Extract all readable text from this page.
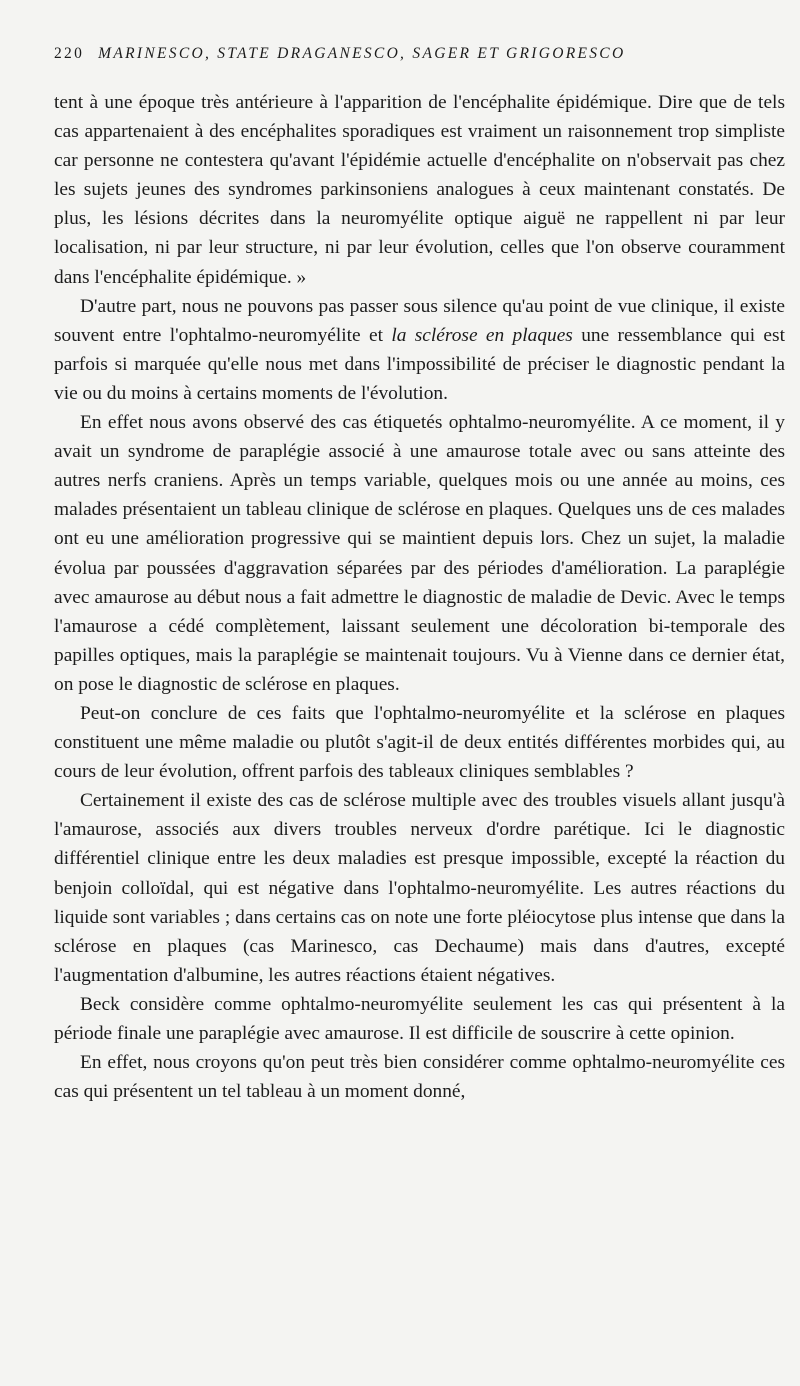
220 MARINESCO, STATE DRAGANESCO, SAGER ET GRIGORESCO

tent à une époque très antérieure à l'apparition de l'encéphalite épidémique. Dire que de tels cas appartenaient à des encéphalites sporadiques est vraiment un raisonnement trop simpliste car personne ne contestera qu'avant l'épidémie actuelle d'encéphalite on n'observait pas chez les sujets jeunes des syndromes parkinsoniens analogues à ceux maintenant constatés. De plus, les lésions décrites dans la neuromyélite optique aiguë ne rappellent ni par leur localisation, ni par leur structure, ni par leur évolution, celles que l'on observe couramment dans l'encéphalite épidémique. »

D'autre part, nous ne pouvons pas passer sous silence qu'au point de vue clinique, il existe souvent entre l'ophtalmo-neuromyélite et la sclérose en plaques une ressemblance qui est parfois si marquée qu'elle nous met dans l'impossibilité de préciser le diagnostic pendant la vie ou du moins à certains moments de l'évolution.

En effet nous avons observé des cas étiquetés ophtalmo-neuromyélite. A ce moment, il y avait un syndrome de paraplégie associé à une amaurose totale avec ou sans atteinte des autres nerfs craniens. Après un temps variable, quelques mois ou une année au moins, ces malades présentaient un tableau clinique de sclérose en plaques. Quelques uns de ces malades ont eu une amélioration progressive qui se maintient depuis lors. Chez un sujet, la maladie évolua par poussées d'aggravation séparées par des périodes d'amélioration. La paraplégie avec amaurose au début nous a fait admettre le diagnostic de maladie de Devic. Avec le temps l'amaurose a cédé complètement, laissant seulement une décoloration bi-temporale des papilles optiques, mais la paraplégie se maintenait toujours. Vu à Vienne dans ce dernier état, on pose le diagnostic de sclérose en plaques.

Peut-on conclure de ces faits que l'ophtalmo-neuromyélite et la sclérose en plaques constituent une même maladie ou plutôt s'agit-il de deux entités différentes morbides qui, au cours de leur évolution, offrent parfois des tableaux cliniques semblables ?

Certainement il existe des cas de sclérose multiple avec des troubles visuels allant jusqu'à l'amaurose, associés aux divers troubles nerveux d'ordre parétique. Ici le diagnostic différentiel clinique entre les deux maladies est presque impossible, excepté la réaction du benjoin colloïdal, qui est négative dans l'ophtalmo-neuromyélite. Les autres réactions du liquide sont variables ; dans certains cas on note une forte pléiocytose plus intense que dans la sclérose en plaques (cas Marinesco, cas Dechaume) mais dans d'autres, excepté l'augmentation d'albumine, les autres réactions étaient négatives.

Beck considère comme ophtalmo-neuromyélite seulement les cas qui présentent à la période finale une paraplégie avec amaurose. Il est difficile de souscrire à cette opinion.

En effet, nous croyons qu'on peut très bien considérer comme ophtalmo-neuromyélite ces cas qui présentent un tel tableau à un moment donné,
